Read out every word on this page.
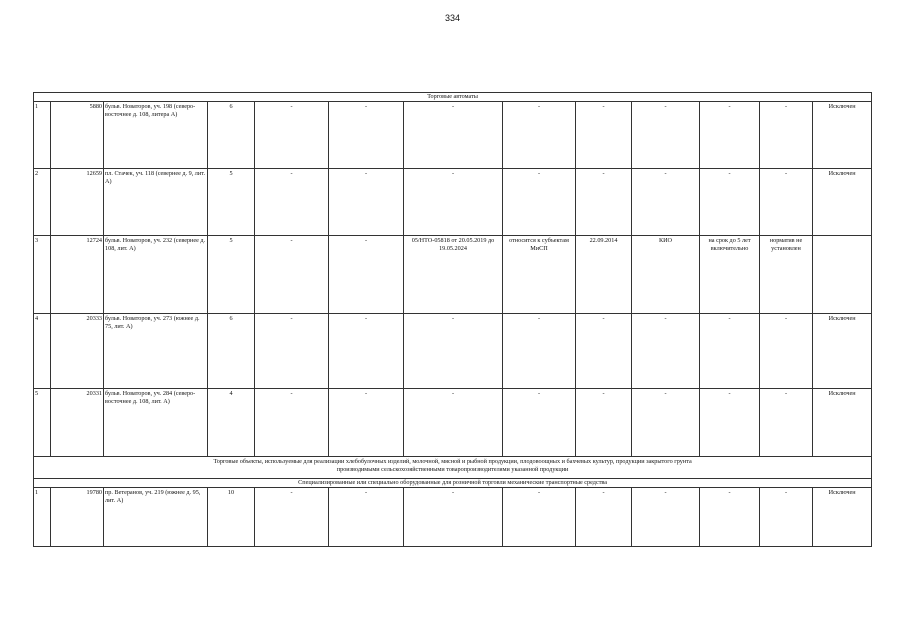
334
Торговые автоматы												
1	5880	бульв. Новаторов, уч. 198 (северо-восточнее д. 108, литера А)	6	-	-	-	-	-	-	-	-	Исключен
2	12659	пл. Стачек, уч. 118 (севернее д. 9, лит. А)	5	-	-	-	-	-	-	-	-	Исключен
3	12724	бульв. Новаторов, уч. 232 (севернее д. 108, лит. А)	5	-	-	05/НТО-05818 от 20.05.2019 до 19.05.2024	относится к субъектам МиСП	22.09.2014	КИО	на срок до 5 лет включительно	норматив не установлен	
4	20333	бульв. Новаторов, уч. 273 (южнее д. 75, лит. А)	6	-	-	-	-	-	-	-	-	Исключен
5	20331	бульв. Новаторов, уч. 284 (северо-восточнее д. 108, лит. А)	4	-	-	-	-	-	-	-	-	Исключен

Торговые объекты, используемые для реализации хлебобулочных изделий, молочной, мясной и рыбной продукции, плодовоощных и бахчевых культур, продукции закрытого грунта
производимыми сельскохозяйственными товаропроизводителями указанной продукции												

Специализированные или специально оборудованные для розничной торговли механические транспортные средства												
1	19780	пр. Ветеранов, уч. 219 (южнее д. 95, лит. А)	10	-	-	-	-	-	-	-	-	Исключен
